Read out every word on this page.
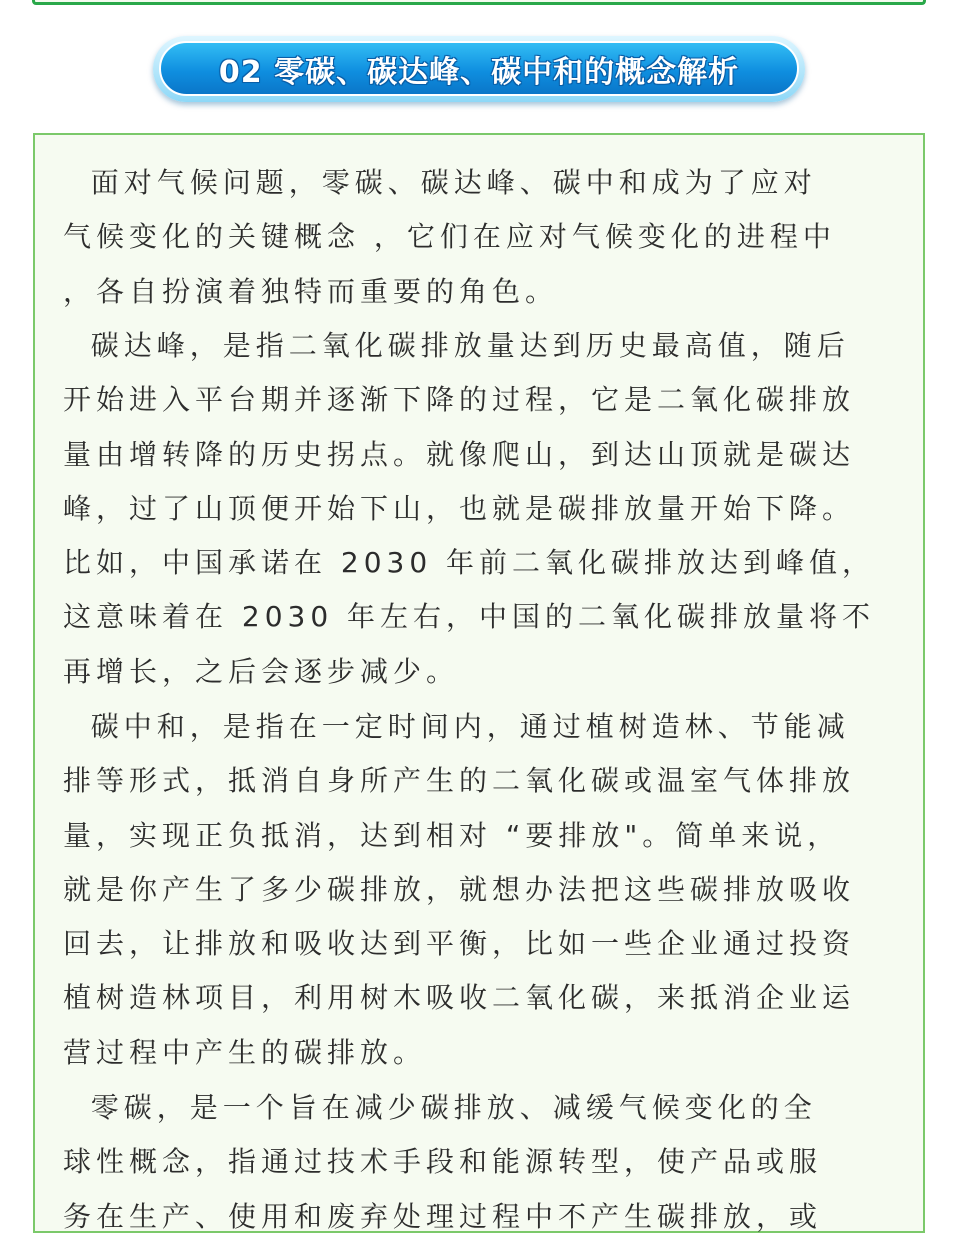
02 零碳、碳达峰、碳中和的概念解析
面对气候问题，零碳、碳达峰、碳中和成为了应对
气候变化的关键概念 ，它们在应对气候变化的进程中
，各自扮演着独特而重要的角色。
碳达峰，是指二氧化碳排放量达到历史最高值，随后
开始进入平台期并逐渐下降的过程，它是二氧化碳排放
量由增转降的历史拐点。就像爬山，到达山顶就是碳达
峰，过了山顶便开始下山，也就是碳排放量开始下降。
比如，中国承诺在 2030 年前二氧化碳排放达到峰值，
这意味着在 2030 年左右，中国的二氧化碳排放量将不
再增长，之后会逐步减少。
碳中和，是指在一定时间内，通过植树造林、节能减
排等形式，抵消自身所产生的二氧化碳或温室气体排放
量，实现正负抵消，达到相对 “要排放"。简单来说，
就是你产生了多少碳排放，就想办法把这些碳排放吸收
回去，让排放和吸收达到平衡，比如一些企业通过投资
植树造林项目，利用树木吸收二氧化碳，来抵消企业运
营过程中产生的碳排放。
零碳，是一个旨在减少碳排放、减缓气候变化的全
球性概念，指通过技术手段和能源转型，使产品或服
务在生产、使用和废弃处理过程中不产生碳排放，或
